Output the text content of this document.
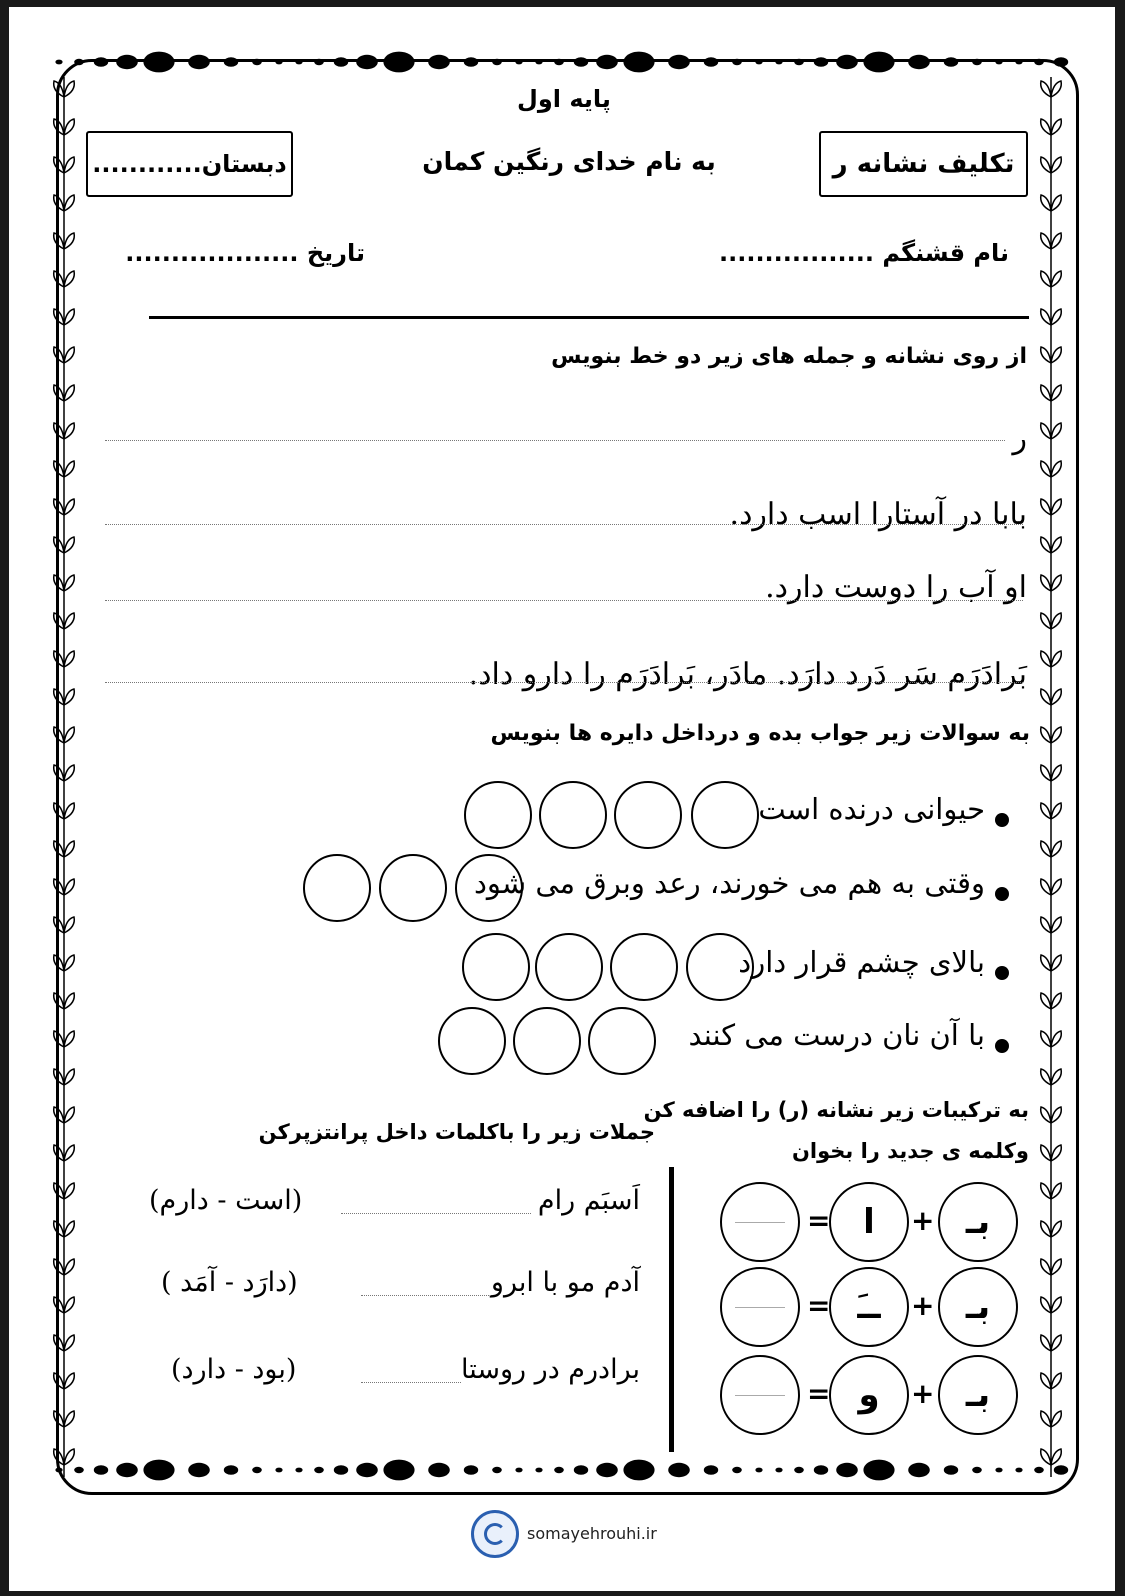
پایه اول
تکلیف نشانه ر
به نام خدای رنگین کمان
دبستان............
نام قشنگم .................
تاریخ ...................
از روی نشانه و جمله های زیر دو خط بنویس
ر
بابا در آستارا اسب دارد.
او آب را دوست دارد.
بَرادَرَم سَر دَرد دارَد. مادَر، بَرادَرَم را دارو داد.
به سوالات زیر جواب بده و درداخل دایره ها بنویس
حیوانی درنده است
وقتی به هم می خورند، رعد وبرق می شود
بالای چشم قرار دارد
با آن نان درست می کنند
به ترکیبات زیر نشانه (ر) را اضافه کن
وکلمه ی جدید را بخوان
بـ
+
ا
=
بـ
+
ــَ
=
بـ
+
و
=
جملات زیر را باکلمات داخل پرانتزپرکن
اَسبَم رام
(است - دارم)
آدم مو با ابرو
(دارَد - آمَد )
برادرم در روستا
(بود - دارد)
somayehrouhi.ir
